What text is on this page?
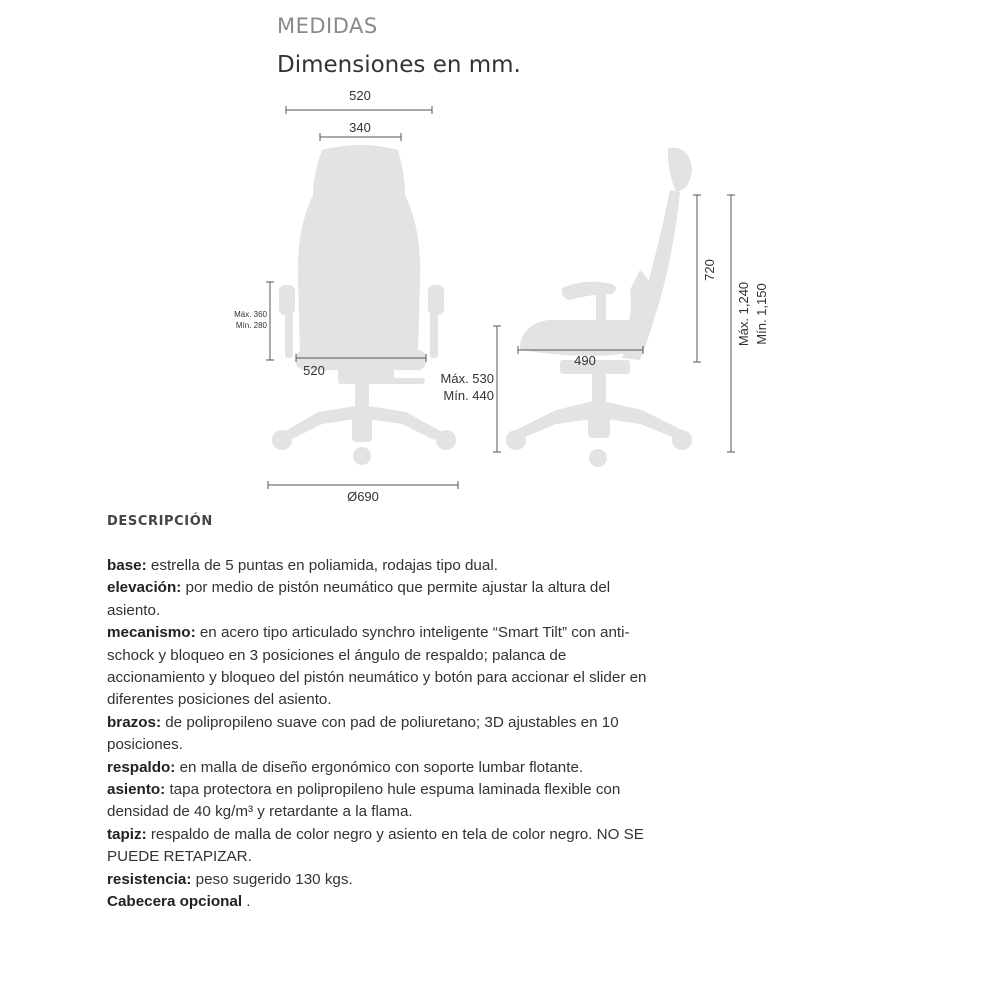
MEDIDAS
Dimensiones en mm.
520
340
Máx. 360
Mín. 280
520
Ø690
Máx. 530
Mín. 440
490
720
Máx. 1,240 Mín. 1,150
DESCRIPCIÓN

base: estrella de 5 puntas en poliamida, rodajas tipo dual.

elevación: por medio de pistón neumático que permite ajustar la altura del asiento.

mecanismo: en acero tipo articulado synchro inteligente “Smart Tilt” con anti-schock y bloqueo en 3 posiciones el ángulo de respaldo; palanca de accionamiento y bloqueo del pistón neumático y botón para accionar el slider en diferentes posiciones del asiento.

brazos: de polipropileno suave con pad de poliuretano; 3D ajustables en 10 posiciones.

respaldo: en malla de diseño ergonómico con soporte lumbar flotante.

asiento: tapa protectora en polipropileno hule espuma laminada flexible con densidad de 40 kg/m³ y retardante a la flama.

tapiz: respaldo de malla de color negro y asiento en tela de color negro. NO SE PUEDE RETAPIZAR.

resistencia: peso sugerido 130 kgs.

Cabecera opcional .
